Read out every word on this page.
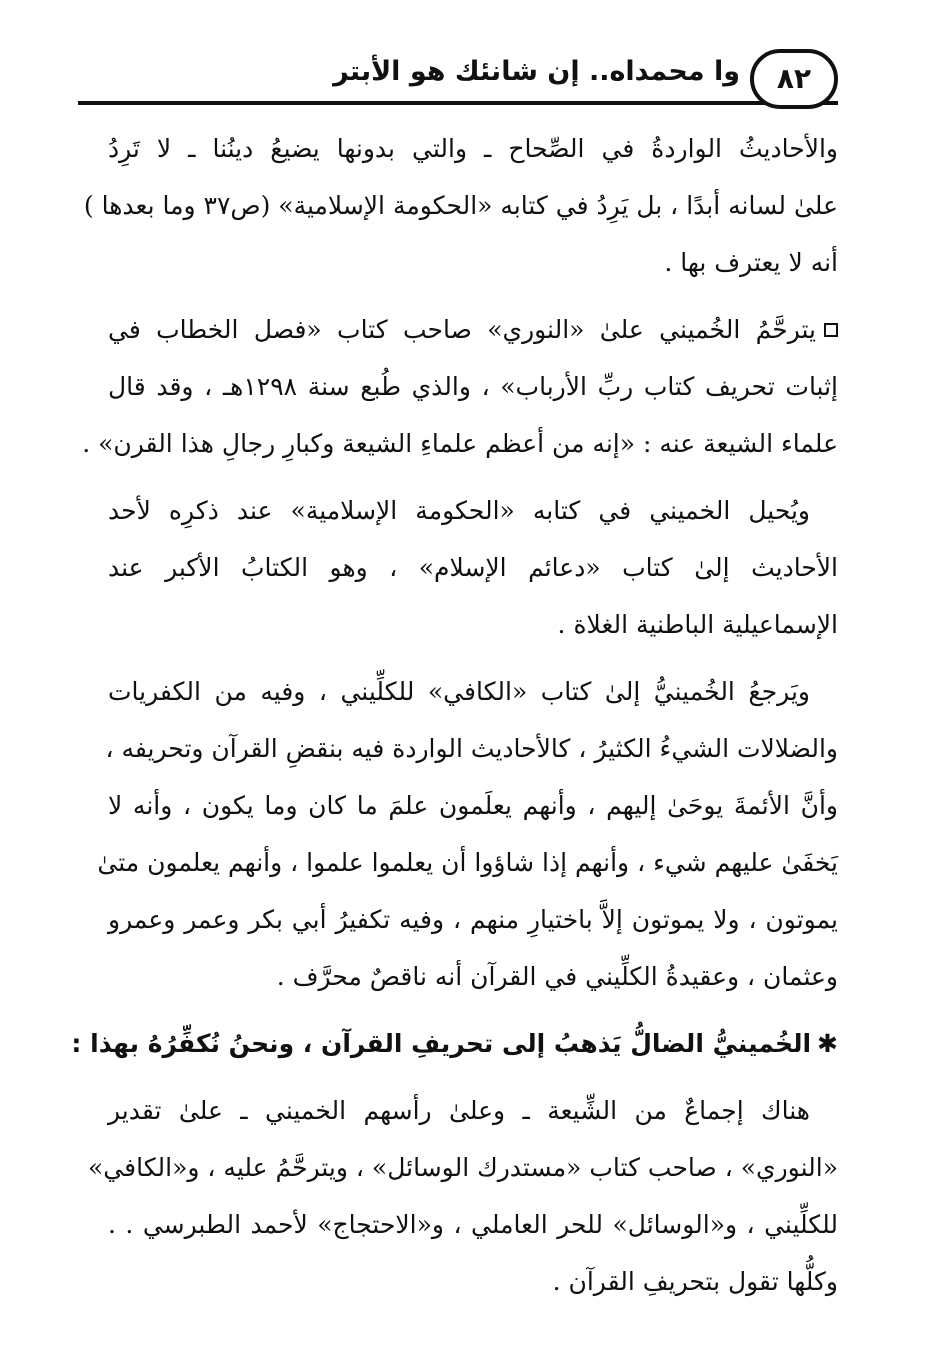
وا محمداه.. إن شانئك هو الأبتر	٨٢
والأحاديثُ الواردةُ في الصِّحاح ـ والتي بدونها يضيعُ دينُنا ـ لا تَرِدُ
علىٰ لسانه أبدًا ، بل يَرِدُ في كتابه «الحكومة الإسلامية» (ص٣٧ وما بعدها )
أنه لا يعترف بها .
يترحَّمُ الخُميني علىٰ «النوري» صاحب كتاب «فصل الخطاب في
إثبات تحريف كتاب ربِّ الأرباب» ، والذي طُبع سنة ١٢٩٨هـ ، وقد قال
علماء الشيعة عنه : «إنه من أعظم علماءِ الشيعة وكبارِ رجالِ هذا القرن» .
ويُحيل الخميني في كتابه «الحكومة الإسلامية» عند ذكرِه لأحد
الأحاديث إلىٰ كتاب «دعائم الإسلام» ، وهو الكتابُ الأكبر عند
الإسماعيلية الباطنية الغلاة .
ويَرجعُ الخُمينيُّ إلىٰ كتاب «الكافي» للكلِّيني ، وفيه من الكفريات
والضلالات الشيءُ الكثيرُ ، كالأحاديث الواردة فيه بنقضِ القرآن وتحريفه ،
وأنَّ الأئمةَ يوحَىٰ إليهم ، وأنهم يعلَمون علمَ ما كان وما يكون ، وأنه لا
يَخفَىٰ عليهم شيء ، وأنهم إذا شاؤوا أن يعلموا علموا ، وأنهم يعلمون متىٰ
يموتون ، ولا يموتون إلاَّ باختيارِ منهم ، وفيه تكفيرُ أبي بكر وعمر وعمرو
وعثمان ، وعقيدةُ الكلِّيني في القرآن أنه ناقصٌ محرَّف .
✱الخُمينيُّ الضالُّ يَذهبُ إلى تحريفِ القرآن ، ونحنُ نُكفِّرُهُ بهذا :
هناك إجماعٌ من الشِّيعة ـ وعلىٰ رأسهم الخميني ـ علىٰ تقدير
«النوري» ، صاحب كتاب «مستدرك الوسائل» ، ويترحَّمُ عليه ، و«الكافي»
للكلِّيني ، و«الوسائل» للحر العاملي ، و«الاحتجاج» لأحمد الطبرسي . .
وكلُّها تقول بتحريفِ القرآن .
